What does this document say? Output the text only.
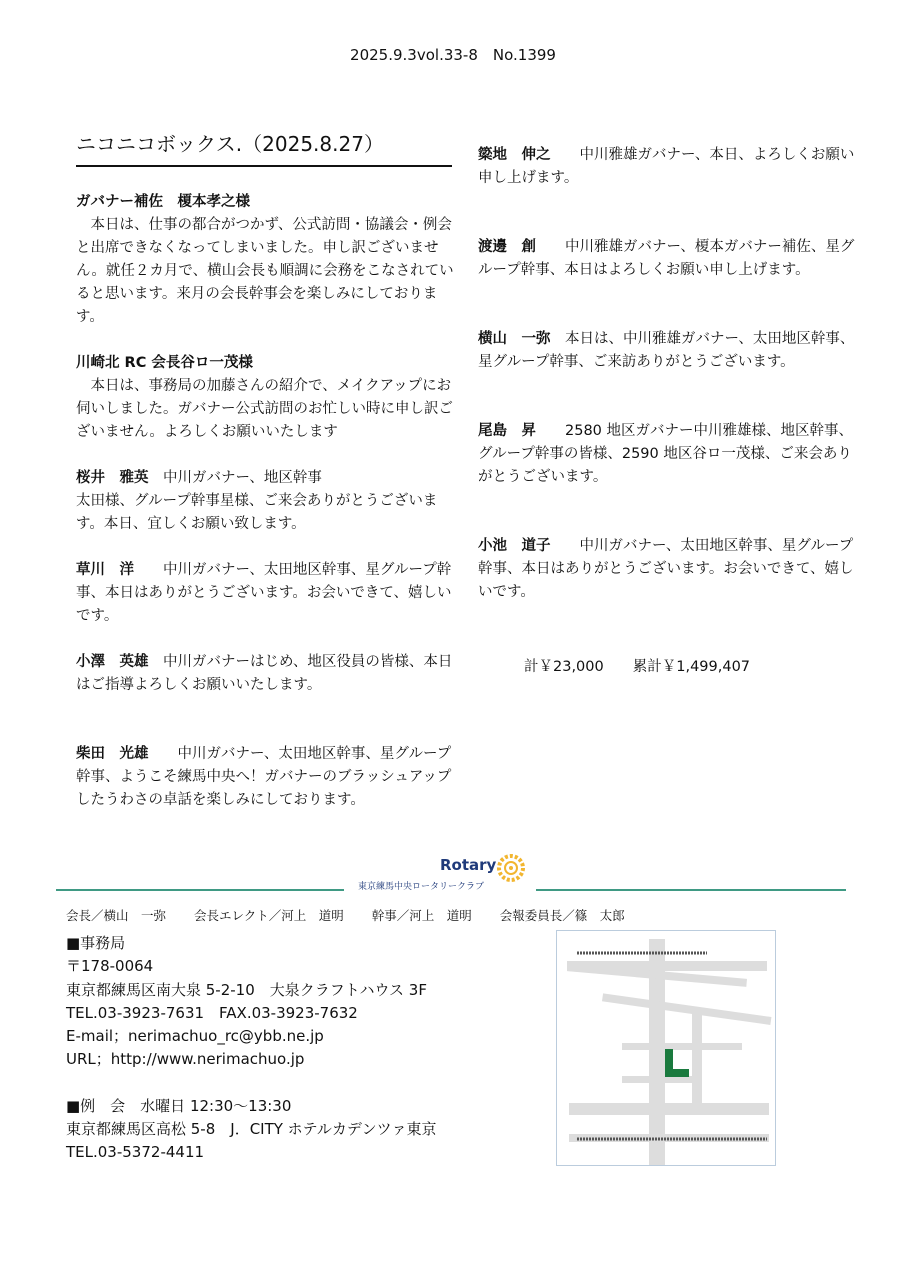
2025.9.3vol.33-8　No.1399
ニコニコボックス.（2025.8.27）
ガバナー補佐　榎本孝之様
　本日は、仕事の都合がつかず、公式訪問・協議会・例会と出席できなくなってしまいました。申し訳ございません。就任２カ月で、横山会長も順調に会務をこなされていると思います。来月の会長幹事会を楽しみにしております。
川崎北 RC 会長谷ロ一茂様
　本日は、事務局の加藤さんの紹介で、メイクアップにお伺いしました。ガバナー公式訪問のお忙しい時に申し訳ございません。よろしくお願いいたします
桜井　雅英　中川ガバナー、地区幹事
太田様、グループ幹事星様、ご来会ありがとうございます。本日、宜しくお願い致します。
草川　洋　　中川ガバナー、太田地区幹事、星グループ幹事、本日はありがとうございます。お会いできて、嬉しいです。
小澤　英雄　中川ガバナーはじめ、地区役員の皆様、本日はご指導よろしくお願いいたします。
柴田　光雄　　中川ガバナー、太田地区幹事、星グループ幹事、ようこそ練馬中央へ！ガバナーのブラッシュアップしたうわさの卓話を楽しみにしております。
簗地　伸之　　中川雅雄ガバナー、本日、よろしくお願い申し上げます。
渡邊　創　　中川雅雄ガバナー、榎本ガバナー補佐、星グループ幹事、本日はよろしくお願い申し上げます。
横山　一弥　本日は、中川雅雄ガバナー、太田地区幹事、星グループ幹事、ご来訪ありがとうございます。
尾島　昇　　2580 地区ガバナー中川雅雄様、地区幹事、グループ幹事の皆様、2590 地区谷ロ一茂様、ご来会ありがとうございます。
小池　道子　　中川ガバナー、太田地区幹事、星グループ幹事、本日はありがとうございます。お会いできて、嬉しいです。
計￥23,000　　累計￥1,499,407
Rotary
東京練馬中央ロータリークラブ
会長／横山　一弥 会長エレクト／河上　道明 幹事／河上　道明 会報委員長／篠　太郎
■事務局
〒178-0064
東京都練馬区南大泉 5-2-10　大泉クラフトハウス 3F
TEL.03-3923-7631　FAX.03-3923-7632
E-mail；nerimachuo_rc@ybb.ne.jp
URL；http://www.nerimachuo.jp
■例　会　水曜日 12:30〜13:30
東京都練馬区高松 5-8　J．CITY ホテルカデンツァ東京
TEL.03-5372-4411
